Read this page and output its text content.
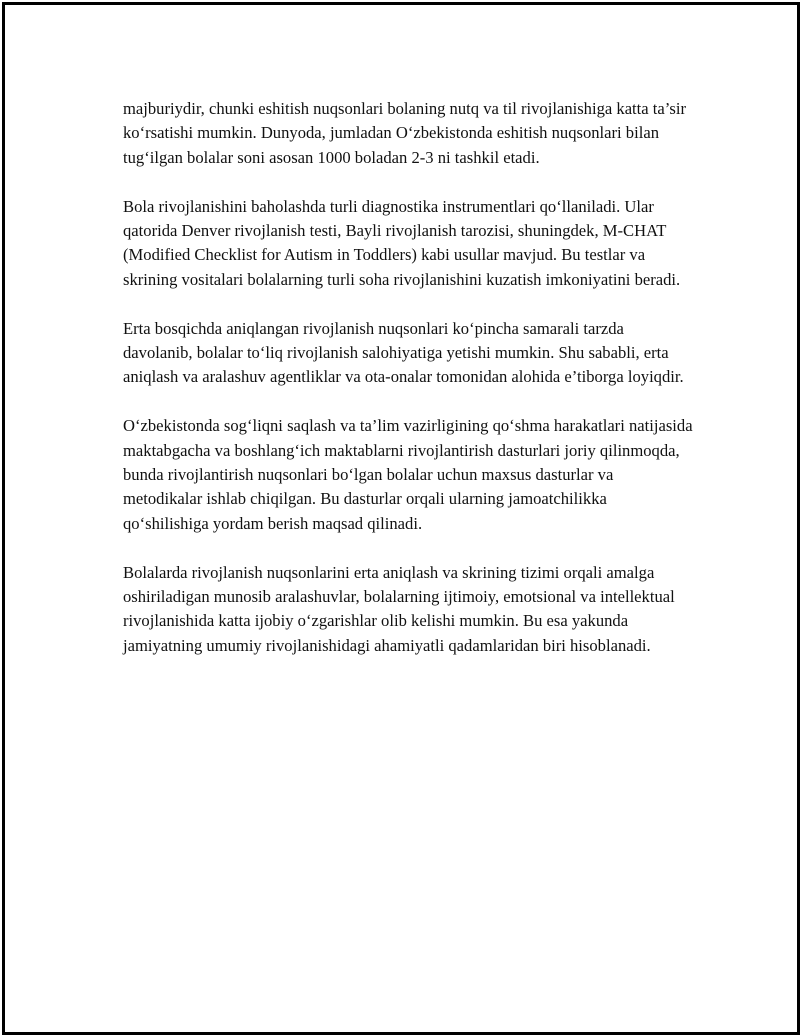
majburiydir, chunki eshitish nuqsonlari bolaning nutq va til rivojlanishiga katta ta’sir ko‘rsatishi mumkin. Dunyoda, jumladan O‘zbekistonda eshitish nuqsonlari bilan tug‘ilgan bolalar soni asosan 1000 boladan 2-3 ni tashkil etadi.

Bola rivojlanishini baholashda turli diagnostika instrumentlari qo‘llaniladi. Ular qatorida Denver rivojlanish testi, Bayli rivojlanish tarozisi, shuningdek, M-CHAT (Modified Checklist for Autism in Toddlers) kabi usullar mavjud. Bu testlar va skrining vositalari bolalarning turli soha rivojlanishini kuzatish imkoniyatini beradi.

Erta bosqichda aniqlangan rivojlanish nuqsonlari ko‘pincha samarali tarzda davolanib, bolalar to‘liq rivojlanish salohiyatiga yetishi mumkin. Shu sababli, erta aniqlash va aralashuv agentliklar va ota-onalar tomonidan alohida e’tiborga loyiqdir.

O‘zbekistonda sog‘liqni saqlash va ta’lim vazirligining qo‘shma harakatlari natijasida maktabgacha va boshlang‘ich maktablarni rivojlantirish dasturlari joriy qilinmoqda, bunda rivojlantirish nuqsonlari bo‘lgan bolalar uchun maxsus dasturlar va metodikalar ishlab chiqilgan. Bu dasturlar orqali ularning jamoatchilikka qo‘shilishiga yordam berish maqsad qilinadi.

Bolalarda rivojlanish nuqsonlarini erta aniqlash va skrining tizimi orqali amalga oshiriladigan munosib aralashuvlar, bolalarning ijtimoiy, emotsional va intellektual rivojlanishida katta ijobiy o‘zgarishlar olib kelishi mumkin. Bu esa yakunda jamiyatning umumiy rivojlanishidagi ahamiyatli qadamlaridan biri hisoblanadi.
